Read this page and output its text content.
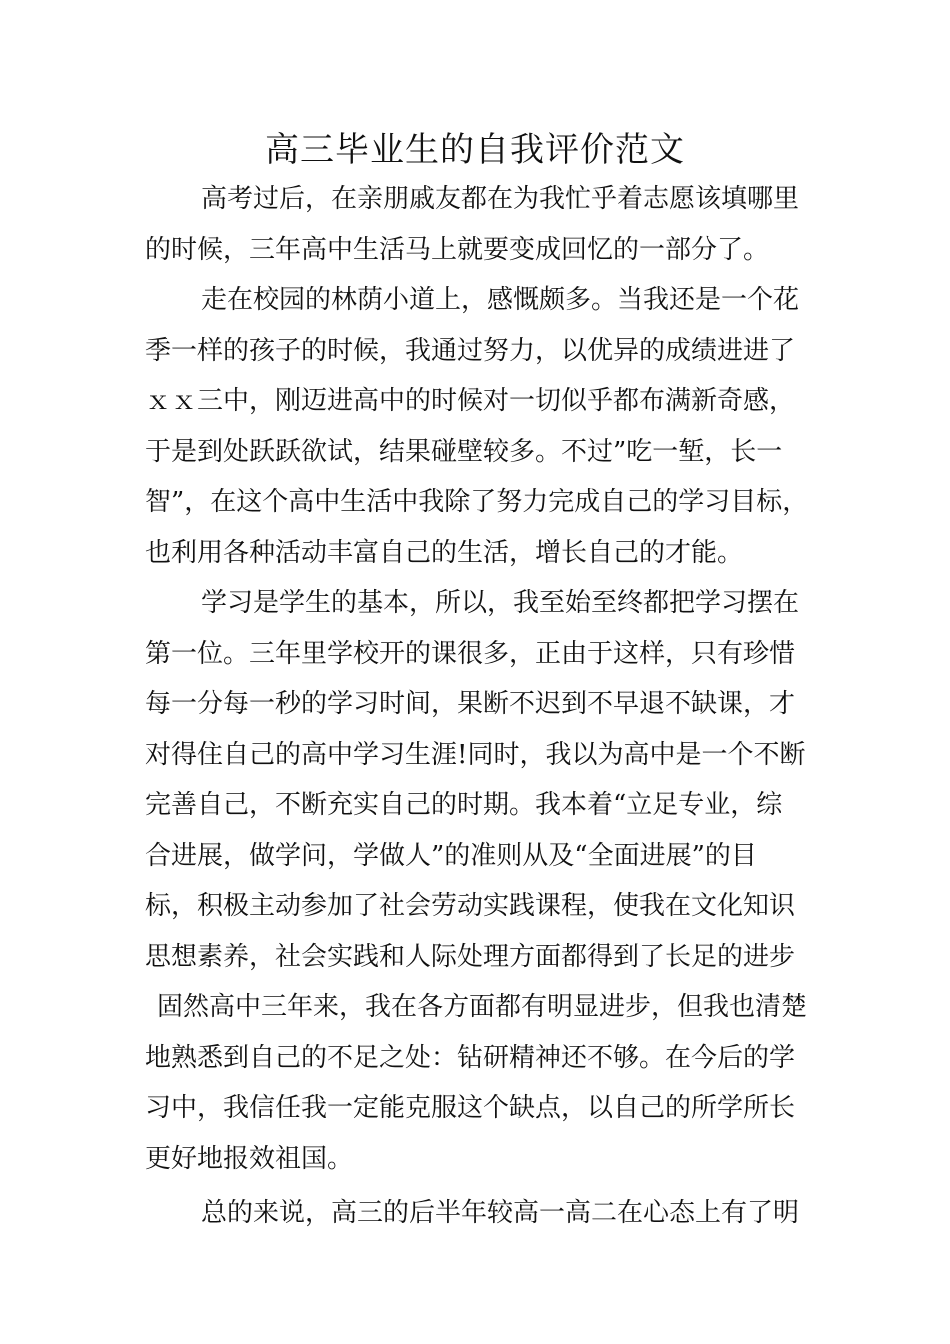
高三毕业生的自我评价范文
高考过后，在亲朋戚友都在为我忙乎着志愿该填哪里
的时候，三年高中生活马上就要变成回忆的一部分了。
走在校园的林荫小道上，感慨颇多。当我还是一个花
季一样的孩子的时候，我通过努力，以优异的成绩进进了
ｘｘ三中，刚迈进高中的时候对一切似乎都布满新奇感，
于是到处跃跃欲试，结果碰壁较多。不过”吃一堑，长一
智”，在这个高中生活中我除了努力完成自己的学习目标，
也利用各种活动丰富自己的生活，增长自己的才能。
学习是学生的基本，所以，我至始至终都把学习摆在
第一位。三年里学校开的课很多，正由于这样，只有珍惜
每一分每一秒的学习时间，果断不迟到不早退不缺课，才
对得住自己的高中学习生涯!同时，我以为高中是一个不断
完善自己，不断充实自己的时期。我本着“立足专业，综
合进展，做学问，学做人”的准则从及“全面进展”的目
标，积极主动参加了社会劳动实践课程，使我在文化知识
思想素养，社会实践和人际处理方面都得到了长足的进步
固然高中三年来，我在各方面都有明显进步，但我也清楚
地熟悉到自己的不足之处：钻研精神还不够。在今后的学
习中，我信任我一定能克服这个缺点，以自己的所学所长
更好地报效祖国。
总的来说，高三的后半年较高一高二在心态上有了明
